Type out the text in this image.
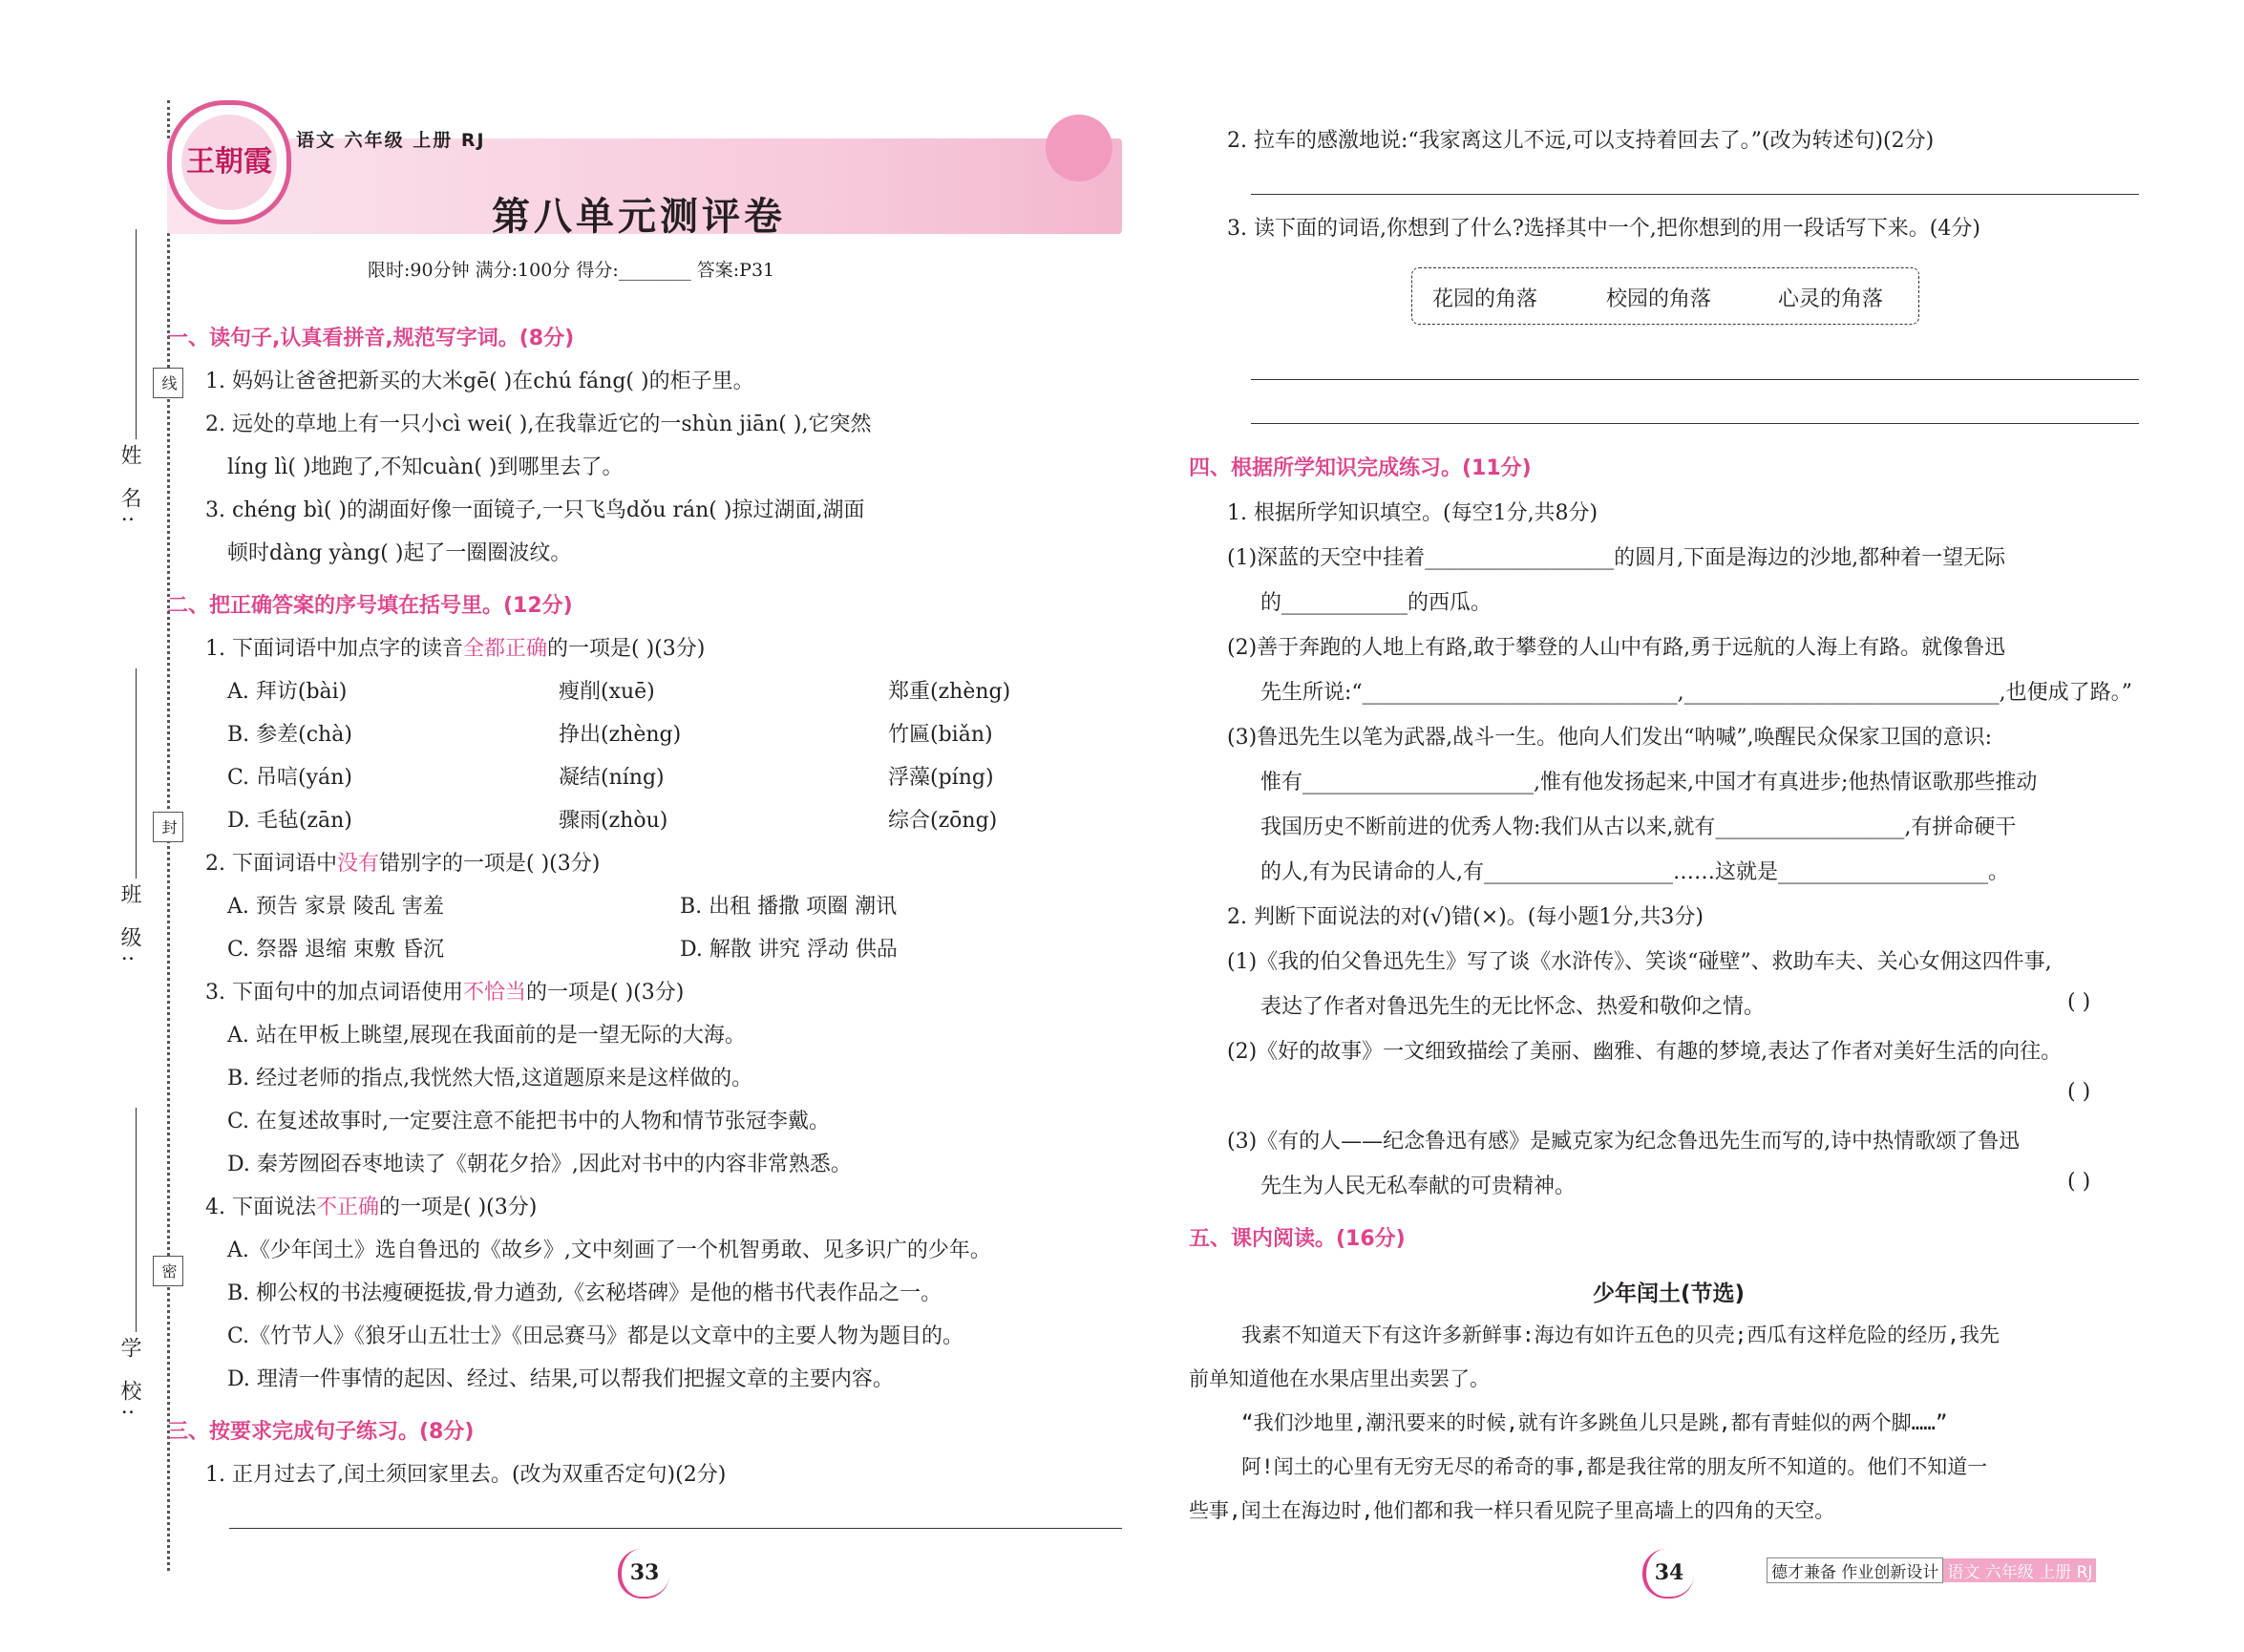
线
封
密
姓 名:
班 级:
学 校:
王朝霞
语文 六年级 上册 RJ
第八单元测评卷
限时:90分钟 满分:100分 得分:________ 答案:P31
一、读句子,认真看拼音,规范写字词。(8分)
1. 妈妈让爸爸把新买的大米gē( )在chú fáng( )的柜子里。
2. 远处的草地上有一只小cì wei( ),在我靠近它的一shùn jiān( ),它突然
líng lì( )地跑了,不知cuàn( )到哪里去了。
3. chéng bì( )的湖面好像一面镜子,一只飞鸟dǒu rán( )掠过湖面,湖面
顿时dàng yàng( )起了一圈圈波纹。
二、把正确答案的序号填在括号里。(12分)
1. 下面词语中加点字的读音全都正确的一项是( )(3分)
A. 拜访(bài)	瘦削(xuē)	郑重(zhèng)
B. 参差(chà)	挣出(zhèng)	竹匾(biǎn)
C. 吊唁(yán)	凝结(níng)	浮藻(píng)
D. 毛毡(zān)	骤雨(zhòu)	综合(zōng)
2. 下面词语中没有错别字的一项是( )(3分)
A. 预告 家景 陵乱 害羞	B. 出租 播撒 项圈 潮讯
C. 祭器 退缩 束敷 昏沉	D. 解散 讲究 浮动 供品
3. 下面句中的加点词语使用不恰当的一项是( )(3分)
A. 站在甲板上眺望,展现在我面前的是一望无际的大海。
B. 经过老师的指点,我恍然大悟,这道题原来是这样做的。
C. 在复述故事时,一定要注意不能把书中的人物和情节张冠李戴。
D. 秦芳囫囵吞枣地读了《朝花夕拾》,因此对书中的内容非常熟悉。
4. 下面说法不正确的一项是( )(3分)
A.《少年闰土》选自鲁迅的《故乡》,文中刻画了一个机智勇敢、见多识广的少年。
B. 柳公权的书法瘦硬挺拔,骨力遒劲,《玄秘塔碑》是他的楷书代表作品之一。
C.《竹节人》《狼牙山五壮士》《田忌赛马》都是以文章中的主要人物为题目的。
D. 理清一件事情的起因、经过、结果,可以帮我们把握文章的主要内容。
三、按要求完成句子练习。(8分)
1. 正月过去了,闰土须回家里去。(改为双重否定句)(2分)
33
2. 拉车的感激地说:“我家离这儿不远,可以支持着回去了。”(改为转述句)(2分)
3. 读下面的词语,你想到了什么?选择其中一个,把你想到的用一段话写下来。(4分)
花园的角落	校园的角落	心灵的角落
四、根据所学知识完成练习。(11分)
1. 根据所学知识填空。(每空1分,共8分)
(1)深蓝的天空中挂着__________________的圆月,下面是海边的沙地,都种着一望无际
的____________的西瓜。
(2)善于奔跑的人地上有路,敢于攀登的人山中有路,勇于远航的人海上有路。就像鲁迅
先生所说:“______________________________,______________________________,也便成了路。”
(3)鲁迅先生以笔为武器,战斗一生。他向人们发出“呐喊”,唤醒民众保家卫国的意识:
惟有______________________,惟有他发扬起来,中国才有真进步;他热情讴歌那些推动
我国历史不断前进的优秀人物:我们从古以来,就有__________________,有拼命硬干
的人,有为民请命的人,有__________________……这就是____________________。
2. 判断下面说法的对(√)错(×)。(每小题1分,共3分)
(1)《我的伯父鲁迅先生》写了谈《水浒传》、笑谈“碰壁”、救助车夫、关心女佣这四件事,
表达了作者对鲁迅先生的无比怀念、热爱和敬仰之情。	( )
(2)《好的故事》一文细致描绘了美丽、幽雅、有趣的梦境,表达了作者对美好生活的向往。
( )
(3)《有的人——纪念鲁迅有感》是臧克家为纪念鲁迅先生而写的,诗中热情歌颂了鲁迅
先生为人民无私奉献的可贵精神。	( )
五、课内阅读。(16分)
少年闰土(节选)
我素不知道天下有这许多新鲜事:海边有如许五色的贝壳;西瓜有这样危险的经历,我先
前单知道他在水果店里出卖罢了。
“我们沙地里,潮汛要来的时候,就有许多跳鱼儿只是跳,都有青蛙似的两个脚……”
阿!闰土的心里有无穷无尽的希奇的事,都是我往常的朋友所不知道的。他们不知道一
些事,闰土在海边时,他们都和我一样只看见院子里高墙上的四角的天空。
34	德才兼备 作业创新设计 语文 六年级 上册 RJ
